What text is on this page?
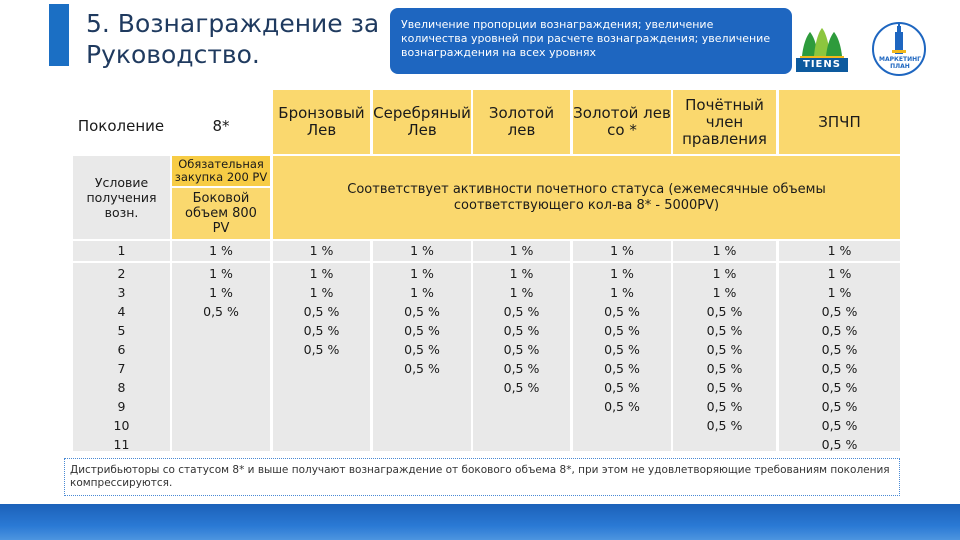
5. Вознаграждение за
Руководство.
Увеличение пропорции вознаграждения; увеличение количества уровней при расчете вознаграждения; увеличение вознаграждения на всех уровнях
TIENS	МАРКЕТИНГ
ПЛАН
Поколение	8*
Бронзовый Лев
Серебряный Лев
Золотой лев
Золотой лев со *
Почётный член правления
ЗПЧП
Условие получения возн.
Обязательная закупка 200 PV
Боковой объем 800 PV
Соответствует активности почетного статуса (ежемесячные объемы соответствующего кол-ва 8* - 5000PV)
1
2
3
4
5
6
7
8
9
10
11
1 %
1 %
1 %
0,5 %
1 %
1 %
1 %
0,5 %
0,5 %
0,5 %
1 %
1 %
1 %
0,5 %
0,5 %
0,5 %
0,5 %
1 %
1 %
1 %
0,5 %
0,5 %
0,5 %
0,5 %
0,5 %
1 %
1 %
1 %
0,5 %
0,5 %
0,5 %
0,5 %
0,5 %
0,5 %
1 %
1 %
1 %
0,5 %
0,5 %
0,5 %
0,5 %
0,5 %
0,5 %
0,5 %
1 %
1 %
1 %
0,5 %
0,5 %
0,5 %
0,5 %
0,5 %
0,5 %
0,5 %
0,5 %
Дистрибьюторы со статусом 8* и выше получают вознаграждение от бокового объема 8*, при этом не удовлетворяющие требованиям поколения компрессируются.
